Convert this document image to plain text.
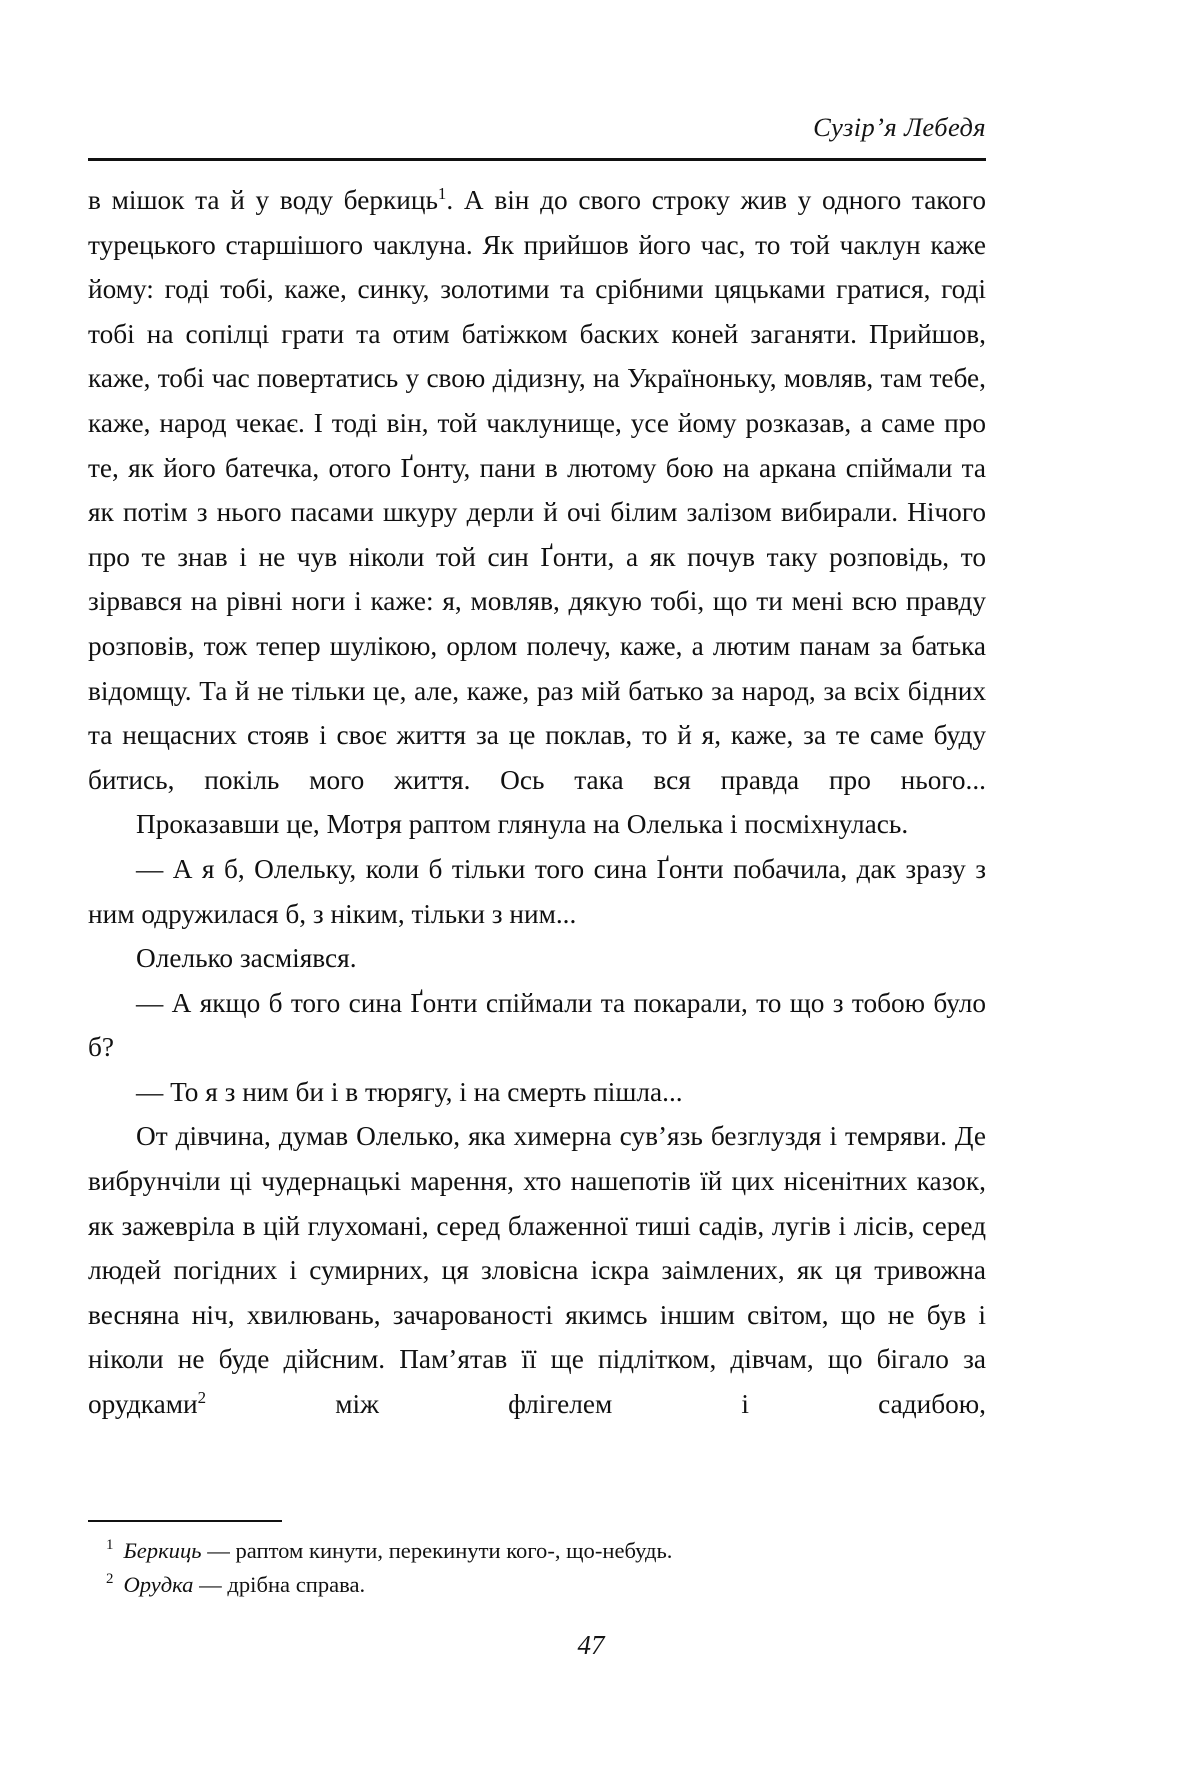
Сузір’я Лебедя

в мішок та й у воду беркиць$^1$. А він до свого строку жив у одного такого турецького старшішого чаклуна. Як прийшов його час, то той чаклун каже йому: годі тобі, каже, синку, золотими та срібними цяцьками гратися, годі тобі на сопілці грати та отим батіжком баских коней заганяти. Прийшов, каже, тобі час повертатись у свою дідизну, на Україноньку, мовляв, там тебе, каже, народ чекає. І тоді він, той чаклунище, усе йому розказав, а саме про те, як його батечка, отого Ґонту, пани в лютому бою на аркана спіймали та як потім з нього пасами шкуру дерли й очі білим залізом вибирали. Нічого про те знав і не чув ніколи той син Ґонти, а як почув таку розповідь, то зірвався на рівні ноги і каже: я, мовляв, дякую тобі, що ти мені всю правду розповів, тож тепер шулікою, орлом полечу, каже, а лютим панам за батька відомщу. Та й не тільки це, але, каже, раз мій батько за народ, за всіх бідних та нещасних стояв і своє життя за це поклав, то й я, каже, за те саме буду битись, покіль мого життя. Ось така вся правда про нього...

Проказавши це, Мотря раптом глянула на Олелька і посміхнулась.

— А я б, Олельку, коли б тільки того сина Ґонти побачила, дак зразу з ним одружилася б, з ніким, тільки з ним...

Олелько засміявся.

— А якщо б того сина Ґонти спіймали та покарали, то що з тобою було б?

— То я з ним би і в тюрягу, і на смерть пішла...

От дівчина, думав Олелько, яка химерна сув’язь безглуздя і темряви. Де вибрунчіли ці чудернацькі марення, хто нашепотів їй цих нісенітних казок, як зажевріла в цій глухомані, серед блаженної тиші садів, лугів і лісів, серед людей погідних і сумирних, ця зловісна іскра заімлених, як ця тривожна весняна ніч, хвилювань, зачарованості якимсь іншим світом, що не був і ніколи не буде дійсним. Пам’ятав її ще підлітком, дівчам, що бігало за орудками$^2$ між флігелем і садибою,

$^1$ Беркиць — раптом кинути, перекинути кого-, що-небудь.
$^2$ Орудка — дрібна справа.
47
